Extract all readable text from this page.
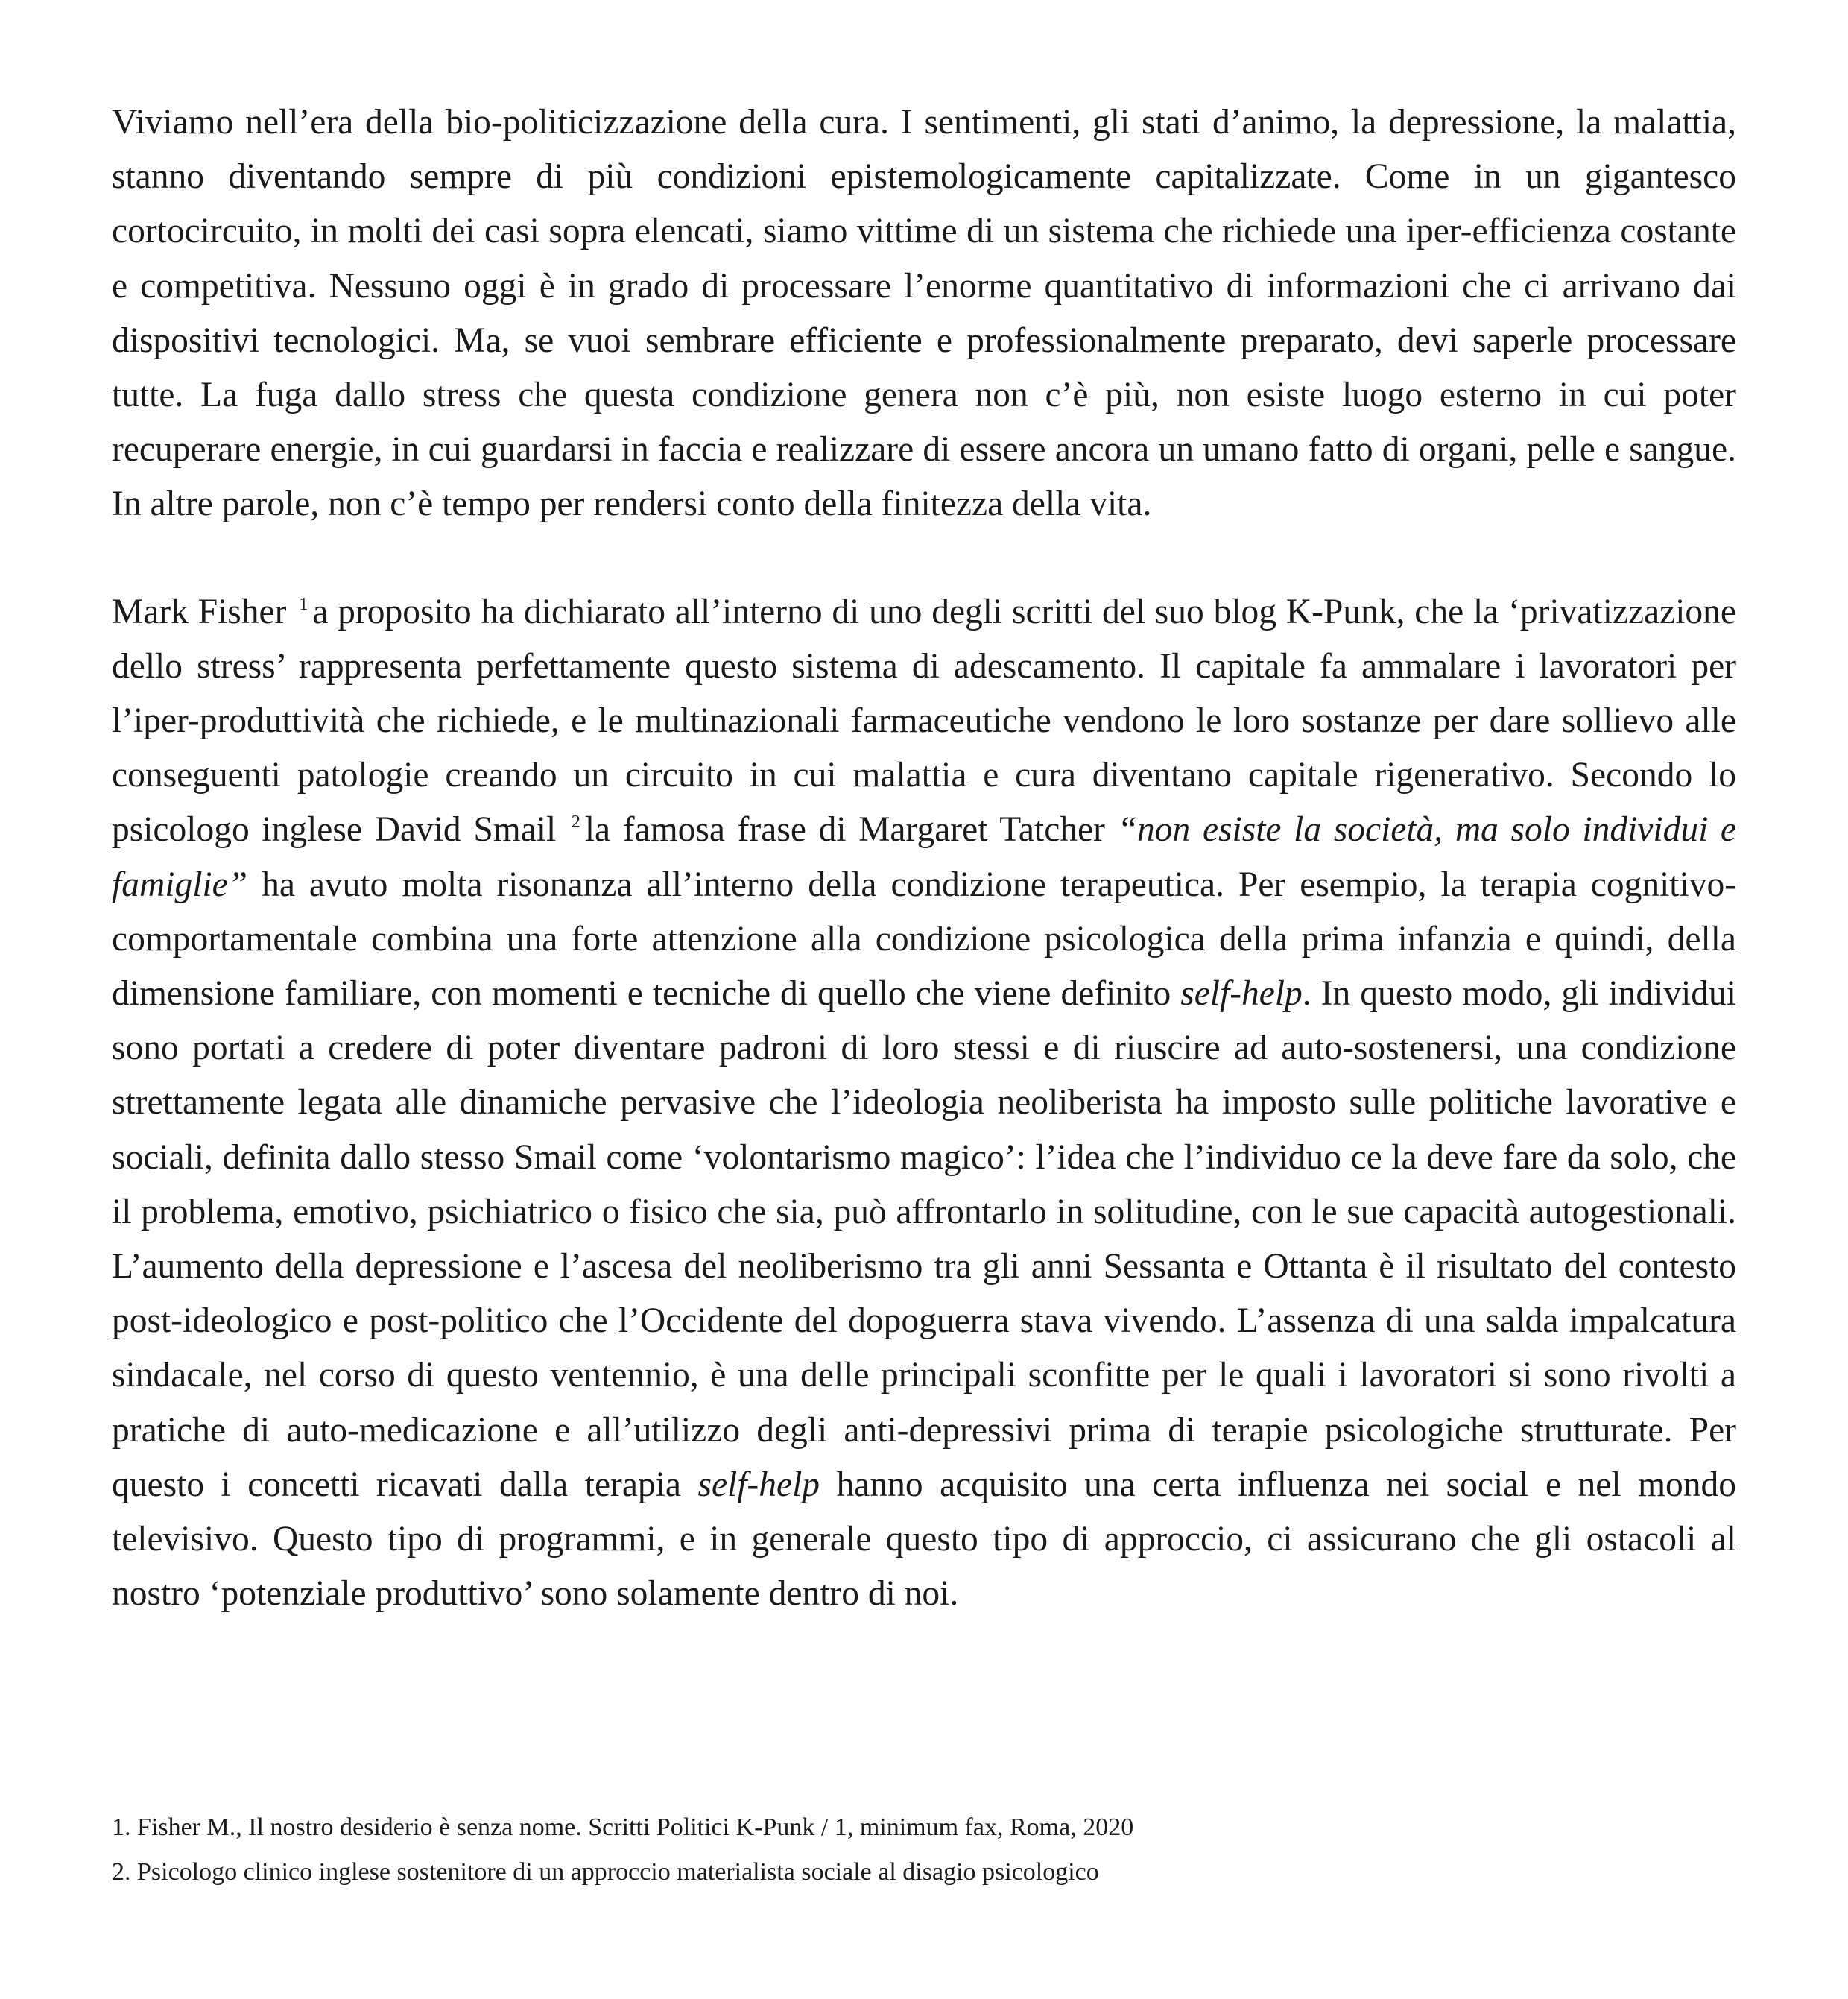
Viviamo nell’era della bio-politicizzazione della cura. I sentimenti, gli stati d’animo, la depressione, la malattia, stanno diventando sempre di più condizioni epistemologicamente capitalizzate. Come in un gigantesco cortocircuito, in molti dei casi sopra elencati, siamo vittime di un sistema che richiede una iper-efficienza costante e competitiva. Nessuno oggi è in grado di processare l’enorme quantitativo di informazioni che ci arrivano dai dispositivi tecnologici. Ma, se vuoi sembrare efficiente e professionalmente preparato, devi saperle processare tutte. La fuga dallo stress che questa condizione genera non c’è più, non esiste luogo esterno in cui poter recuperare energie, in cui guardarsi in faccia e realizzare di essere ancora un umano fatto di organi, pelle e sangue. In altre parole, non c’è tempo per rendersi conto della finitezza della vita.

Mark Fisher $^1$ a proposito ha dichiarato all’interno di uno degli scritti del suo blog K-Punk, che la ‘privatizzazione dello stress’ rappresenta perfettamente questo sistema di adescamento. Il capitale fa ammalare i lavoratori per l’iper-produttività che richiede, e le multinazionali farmaceutiche vendono le loro sostanze per dare sollievo alle conseguenti patologie creando un circuito in cui malattia e cura diventano capitale rigenerativo. Secondo lo psicologo inglese David Smail $^2$ la famosa frase di Margaret Tatcher “non esiste la società, ma solo individui e famiglie” ha avuto molta risonanza all’interno della condizione terapeutica. Per esempio, la terapia cognitivo-comportamentale combina una forte attenzione alla condizione psicologica della prima infanzia e quindi, della dimensione familiare, con momenti e tecniche di quello che viene definito self-help. In questo modo, gli individui sono portati a credere di poter diventare padroni di loro stessi e di riuscire ad auto-sostenersi, una condizione strettamente legata alle dinamiche pervasive che l’ideologia neoliberista ha imposto sulle politiche lavorative e sociali, definita dallo stesso Smail come ‘volontarismo magico’: l’idea che l’individuo ce la deve fare da solo, che il problema, emotivo, psichiatrico o fisico che sia, può affrontarlo in solitudine, con le sue capacità autogestionali. L’aumento della depressione e l’ascesa del neoliberismo tra gli anni Sessanta e Ottanta è il risultato del contesto post-ideologico e post-politico che l’Occidente del dopoguerra stava vivendo. L’assenza di una salda impalcatura sindacale, nel corso di questo ventennio, è una delle principali sconfitte per le quali i lavoratori si sono rivolti a pratiche di auto-medicazione e all’utilizzo degli anti-depressivi prima di terapie psicologiche strutturate. Per questo i concetti ricavati dalla terapia self-help hanno acquisito una certa influenza nei social e nel mondo televisivo. Questo tipo di programmi, e in generale questo tipo di approccio, ci assicurano che gli ostacoli al nostro ‘potenziale produttivo’ sono solamente dentro di noi.

1. Fisher M., Il nostro desiderio è senza nome. Scritti Politici K-Punk / 1, minimum fax, Roma, 2020

2. Psicologo clinico inglese sostenitore di un approccio materialista sociale al disagio psicologico
